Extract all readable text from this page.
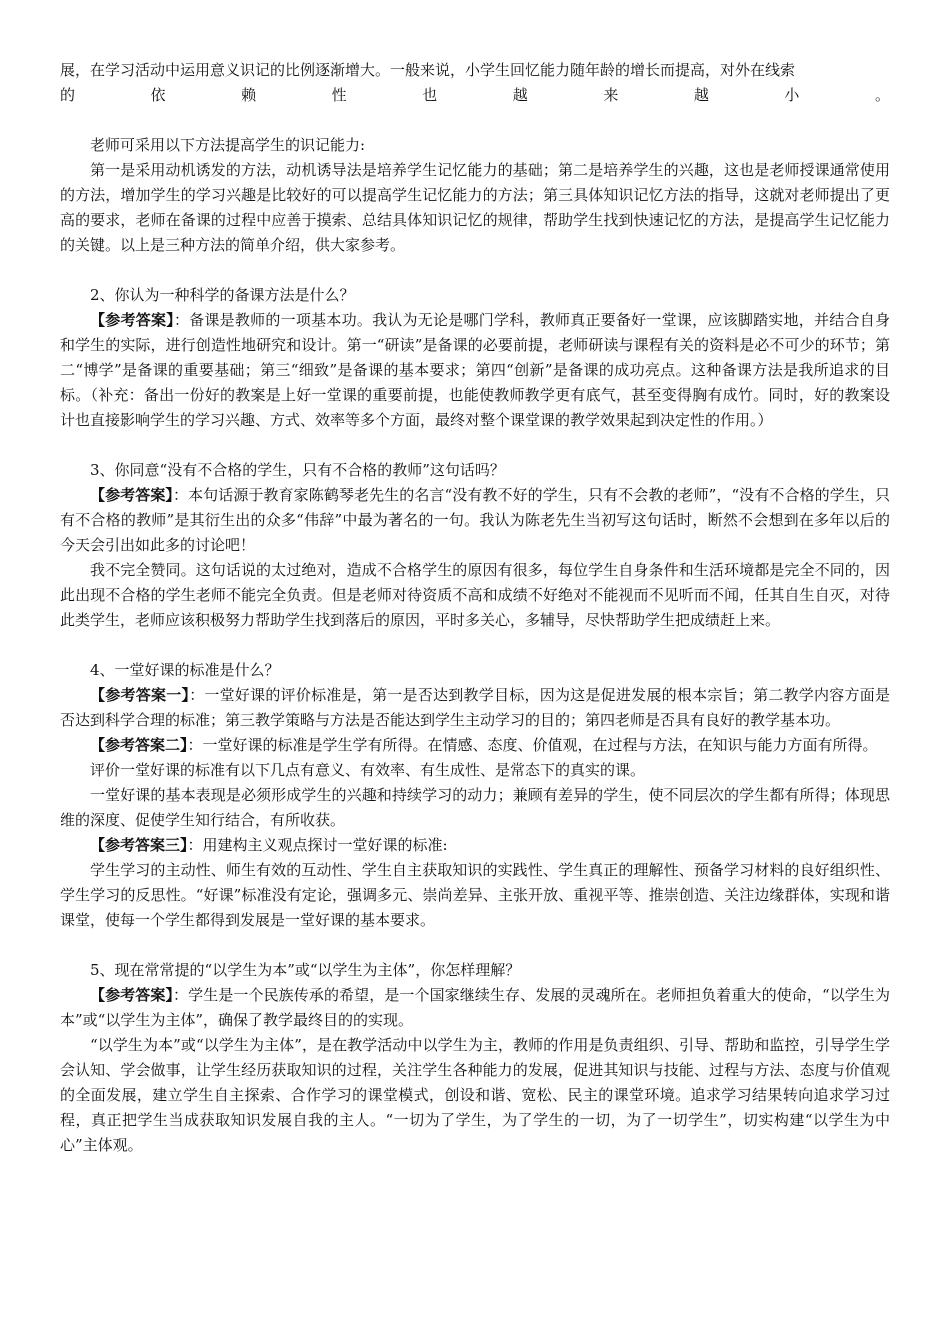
展，在学习活动中运用意义识记的比例逐渐增大。一般来说，小学生回忆能力随年龄的增长而提高，对外在线索

的依赖性也越来越小。

老师可采用以下方法提高学生的识记能力:

第一是采用动机诱发的方法，动机诱导法是培养学生记忆能力的基础；第二是培养学生的兴趣，这也是老师授课通常使用的方法，增加学生的学习兴趣是比较好的可以提高学生记忆能力的方法；第三具体知识记忆方法的指导，这就对老师提出了更高的要求，老师在备课的过程中应善于摸索、总结具体知识记忆的规律，帮助学生找到快速记忆的方法，是提高学生记忆能力的关键。以上是三种方法的简单介绍，供大家参考。

2、你认为一种科学的备课方法是什么？

【参考答案】：备课是教师的一项基本功。我认为无论是哪门学科，教师真正要备好一堂课，应该脚踏实地，并结合自身和学生的实际，进行创造性地研究和设计。第一“研读”是备课的必要前提，老师研读与课程有关的资料是必不可少的环节；第二“博学”是备课的重要基础；第三“细致”是备课的基本要求；第四“创新”是备课的成功亮点。这种备课方法是我所追求的目标。（补充：备出一份好的教案是上好一堂课的重要前提，也能使教师教学更有底气，甚至变得胸有成竹。同时，好的教案设计也直接影响学生的学习兴趣、方式、效率等多个方面，最终对整个课堂课的教学效果起到决定性的作用。）

3、你同意“没有不合格的学生，只有不合格的教师”这句话吗？

【参考答案】：本句话源于教育家陈鹤琴老先生的名言“没有教不好的学生，只有不会教的老师”，“没有不合格的学生，只有不合格的教师”是其衍生出的众多“伟辞”中最为著名的一句。我认为陈老先生当初写这句话时，断然不会想到在多年以后的今天会引出如此多的讨论吧！

我不完全赞同。这句话说的太过绝对，造成不合格学生的原因有很多，每位学生自身条件和生活环境都是完全不同的，因此出现不合格的学生老师不能完全负责。但是老师对待资质不高和成绩不好绝对不能视而不见听而不闻，任其自生自灭，对待此类学生，老师应该积极努力帮助学生找到落后的原因，平时多关心，多辅导，尽快帮助学生把成绩赶上来。

4、一堂好课的标准是什么？

【参考答案一】：一堂好课的评价标准是，第一是否达到教学目标，因为这是促进发展的根本宗旨；第二教学内容方面是否达到科学合理的标准；第三教学策略与方法是否能达到学生主动学习的目的；第四老师是否具有良好的教学基本功。

【参考答案二】：一堂好课的标准是学生学有所得。在情感、态度、价值观，在过程与方法，在知识与能力方面有所得。

评价一堂好课的标准有以下几点有意义、有效率、有生成性、是常态下的真实的课。

一堂好课的基本表现是必须形成学生的兴趣和持续学习的动力；兼顾有差异的学生，使不同层次的学生都有所得；体现思维的深度、促使学生知行结合，有所收获。

【参考答案三】：用建构主义观点探讨一堂好课的标准:

学生学习的主动性、师生有效的互动性、学生自主获取知识的实践性、学生真正的理解性、预备学习材料的良好组织性、学生学习的反思性。“好课”标准没有定论，强调多元、崇尚差异、主张开放、重视平等、推崇创造、关注边缘群体，实现和谐课堂，使每一个学生都得到发展是一堂好课的基本要求。

5、现在常常提的“以学生为本”或“以学生为主体”，你怎样理解？

【参考答案】：学生是一个民族传承的希望，是一个国家继续生存、发展的灵魂所在。老师担负着重大的使命，“以学生为本”或“以学生为主体”，确保了教学最终目的的实现。

“以学生为本”或“以学生为主体”，是在教学活动中以学生为主，教师的作用是负责组织、引导、帮助和监控，引导学生学会认知、学会做事，让学生经历获取知识的过程，关注学生各种能力的发展，促进其知识与技能、过程与方法、态度与价值观的全面发展，建立学生自主探索、合作学习的课堂模式，创设和谐、宽松、民主的课堂环境。追求学习结果转向追求学习过程，真正把学生当成获取知识发展自我的主人。“一切为了学生，为了学生的一切，为了一切学生”，切实构建“以学生为中心”主体观。
